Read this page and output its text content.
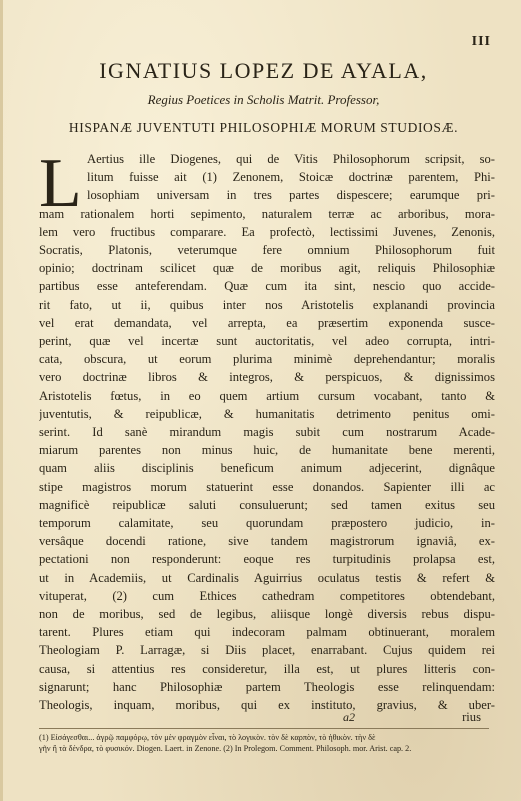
III
IGNATIUS LOPEZ DE AYALA,
Regius Poetices in Scholis Matrit. Professor,
HISPANÆ JUVENTUTI PHILOSOPHIÆ MORUM STUDIOSÆ.
L Aertius ille Diogenes, qui de Vitis Philosophorum scripsit, so-
litum fuisse ait (1) Zenonem, Stoicæ doctrinæ parentem, Phi-
losophiam universam in tres partes dispescere; earumque pri-
mam rationalem horti sepimento, naturalem terræ ac arboribus, mora-
lem vero fructibus comparare. Ea profectò, lectissimi Juvenes, Zenonis,
Socratis, Platonis, veterumque fere omnium Philosophorum fuit
opinio; doctrinam scilicet quæ de moribus agit, reliquis Philosophiæ
partibus esse anteferendam. Quæ cum ita sint, nescio quo accide-
rit fato, ut ii, quibus inter nos Aristotelis explanandi provincia
vel erat demandata, vel arrepta, ea præsertim exponenda susce-
perint, quæ vel incertæ sunt auctoritatis, vel adeo corrupta, intri-
cata, obscura, ut eorum plurima minimè deprehendantur; moralis
vero doctrinæ libros & integros, & perspicuos, & dignissimos
Aristotelis fœtus, in eo quem artium cursum vocabant, tanto &
juventutis, & reipublicæ, & humanitatis detrimento penitus omi-
serint. Id sanè mirandum magis subit cum nostrarum Acade-
miarum parentes non minus huic, de humanitate bene merenti,
quam aliis disciplinis beneficum animum adjecerint, dignâque
stipe magistros morum statuerint esse donandos. Sapienter illi ac
magnificè reipublicæ saluti consuluerunt; sed tamen exitus seu
temporum calamitate, seu quorundam præpostero judicio, in-
versâque docendi ratione, sive tandem magistrorum ignaviâ, ex-
pectationi non responderunt: eoque res turpitudinis prolapsa est,
ut in Academiis, ut Cardinalis Aguirrius oculatus testis & refert &
vituperat, (2) cum Ethices cathedram competitores obtendebant,
non de moribus, sed de legibus, aliisque longè diversis rebus dispu-
tarent. Plures etiam qui indecoram palmam obtinuerant, moralem
Theologiam P. Larragæ, si Diis placet, enarrabant. Cujus quidem rei
causa, si attentius res consideretur, illa est, ut plures litteris con-
signarunt; hanc Philosophiæ partem Theologis esse relinquendam:
Theologis, inquam, moribus, qui ex instituto, gravius, & uber-
a2	rius
(1) Εἰσάγεσθαι... ἀγρῷ παμφόρῳ, τὸν μὲν φραγμὸν εἶναι, τὸ λογικὸν. τὸν δὲ καρπὸν, τὸ ἠθικὸν. τὴν δὲ
γῆν ἢ τὰ δένδρα, τὸ φυσικόν. Diogen. Laert. in Zenone. (2) In Prolegom. Comment. Philosoph. mor. Arist. cap. 2.
